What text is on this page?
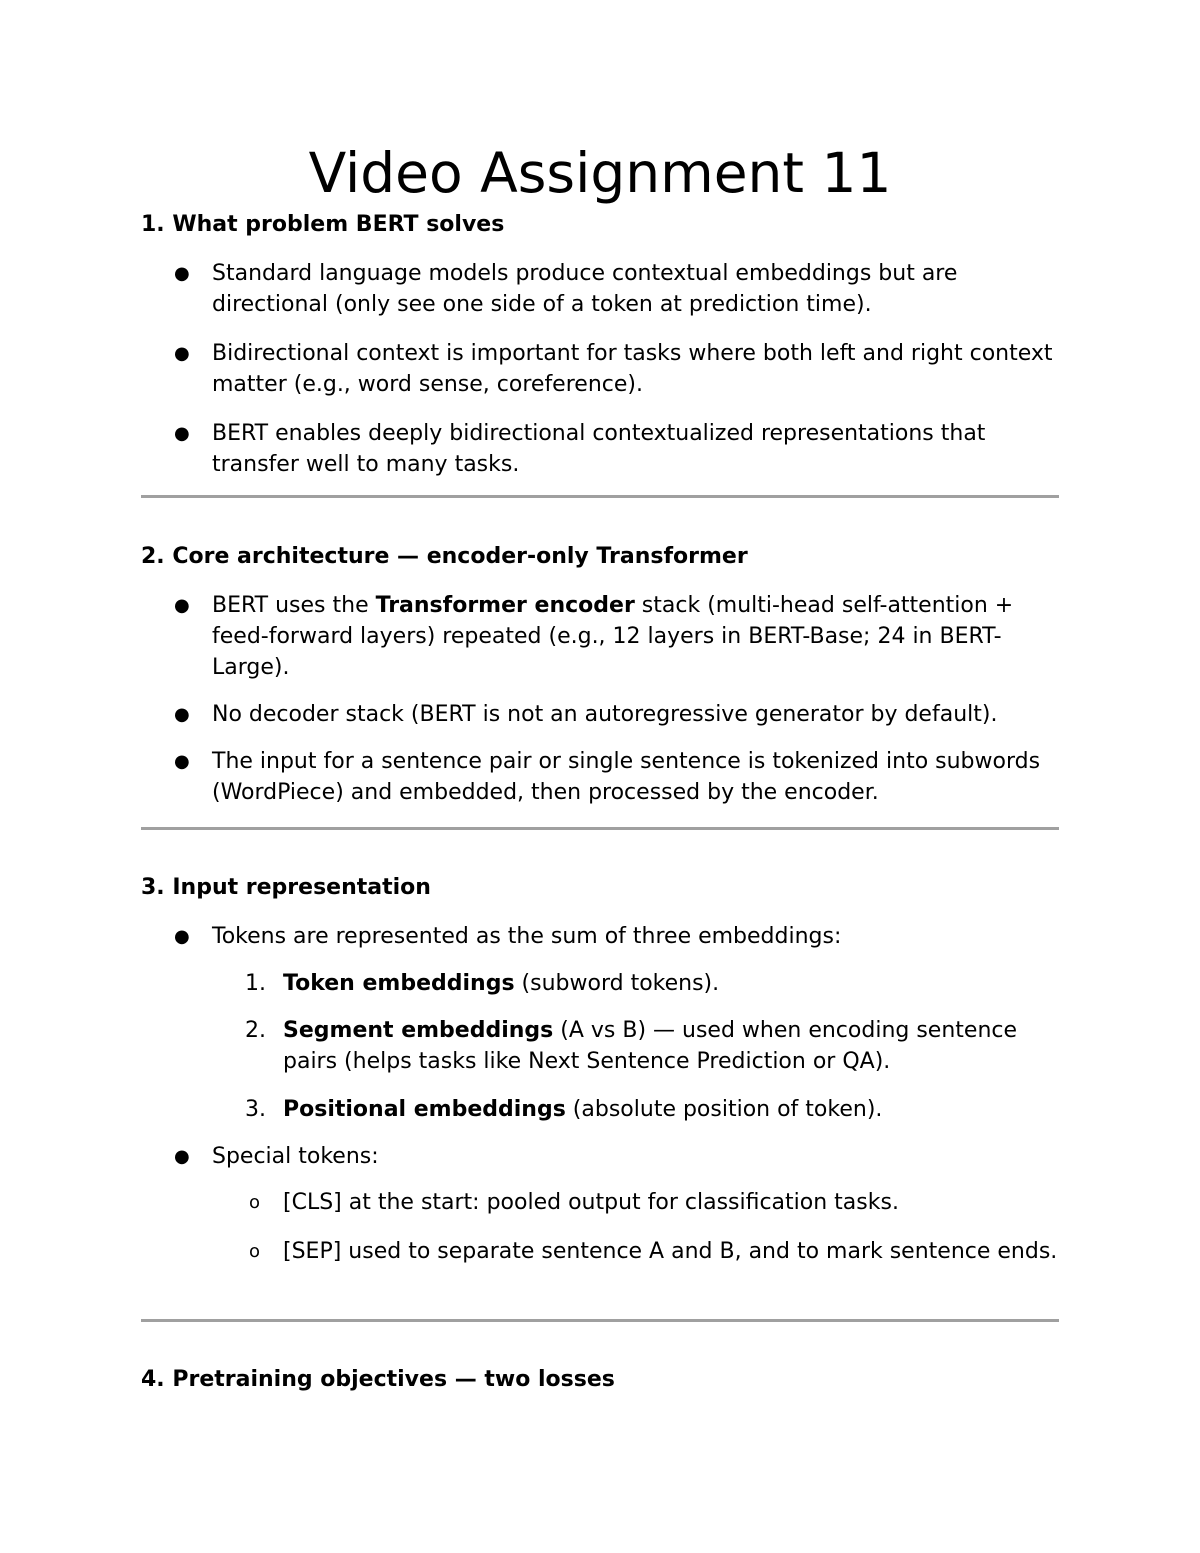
Video Assignment 11

1. What problem BERT solves

● Standard language models produce contextual embeddings but are directional (only see one side of a token at prediction time).
● Bidirectional context is important for tasks where both left and right context matter (e.g., word sense, coreference).
● BERT enables deeply bidirectional contextualized representations that transfer well to many tasks.

2. Core architecture — encoder-only Transformer

● BERT uses the Transformer encoder stack (multi-head self-attention + feed-forward layers) repeated (e.g., 12 layers in BERT-Base; 24 in BERT-Large).
● No decoder stack (BERT is not an autoregressive generator by default).
● The input for a sentence pair or single sentence is tokenized into subwords (WordPiece) and embedded, then processed by the encoder.

3. Input representation

● Tokens are represented as the sum of three embeddings:
1. Token embeddings (subword tokens).
2. Segment embeddings (A vs B) — used when encoding sentence pairs (helps tasks like Next Sentence Prediction or QA).
3. Positional embeddings (absolute position of token).
● Special tokens:
o [CLS] at the start: pooled output for classification tasks.
o [SEP] used to separate sentence A and B, and to mark sentence ends.

4. Pretraining objectives — two losses
